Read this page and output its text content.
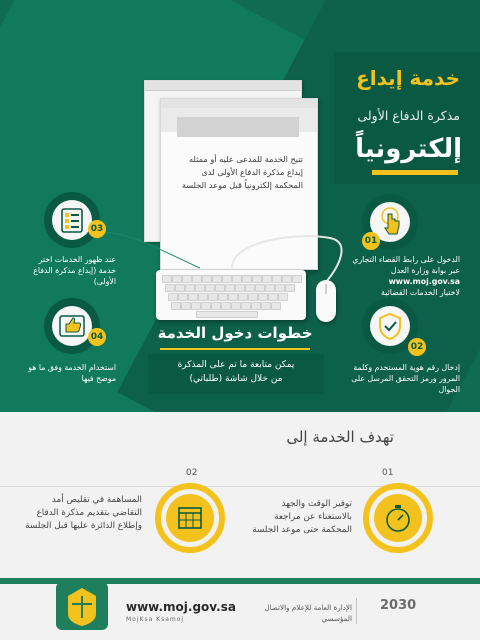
خدمة إيداع
مذكرة الدفاع الأولى
إلكترونياً
تتيح الخدمة للمدعى عليه أو ممثله إيداع مذكرة الدفاع الأولى لدى المحكمة إلكترونياً قبل موعد الجلسة
01
الدخول على رابط القضاء التجاري عبر بوابة وزارة العدل
www.moj.gov.sa
لاختيار الخدمات القضائية
02
إدخال رقم هوية المستخدم وكلمة المرور ورمز التحقق المرسل على الجوال
03
عند ظهور الخدمات اختر خدمة (إيداع مذكرة الدفاع الأولى)
04
استخدام الخدمة وفق ما هو موضح فيها
خطوات دخول الخدمة
يمكن متابعة ما تم على المذكرة
من خلال شاشة (طلباتي)
تهدف الخدمة إلى
01
توفير الوقت والجهد بالاستغناء عن مراجعة المحكمة حتى موعد الجلسة
02
المساهمة في تقليص أمد التقاضي بتقديم مذكرة الدفاع وإطلاع الدائرة عليها قبل الجلسة
www.moj.gov.sa
MojKsa Ksamoj
الإدارة العامة للإعلام والاتصال المؤسسي
2030
